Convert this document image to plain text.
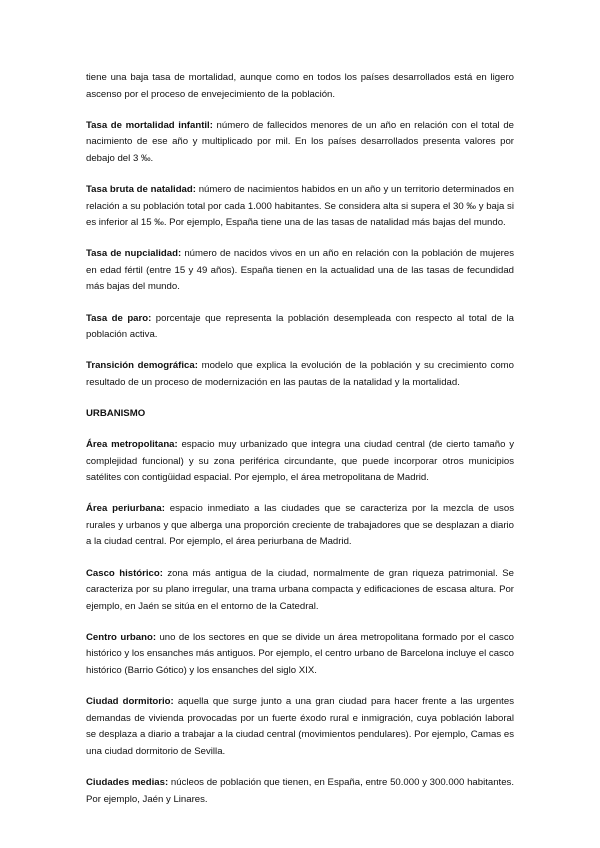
tiene una baja tasa de mortalidad, aunque como en todos los países desarrollados está en ligero ascenso por el proceso de envejecimiento de la población.

Tasa de mortalidad infantil: número de fallecidos menores de un año en relación con el total de nacimiento de ese año y multiplicado por mil. En los países desarrollados presenta valores por debajo del 3 ‰.

Tasa bruta de natalidad: número de nacimientos habidos en un año y un territorio determinados en relación a su población total por cada 1.000 habitantes. Se considera alta si supera el 30 ‰ y baja si es inferior al 15 ‰. Por ejemplo, España tiene una de las tasas de natalidad más bajas del mundo.

Tasa de nupcialidad: número de nacidos vivos en un año en relación con la población de mujeres en edad fértil (entre 15 y 49 años). España tienen en la actualidad una de las tasas de fecundidad más bajas del mundo.

Tasa de paro: porcentaje que representa la población desempleada con respecto al total de la población activa.

Transición demográfica: modelo que explica la evolución de la población y su crecimiento como resultado de un proceso de modernización en las pautas de la natalidad y la mortalidad.

URBANISMO

Área metropolitana: espacio muy urbanizado que integra una ciudad central (de cierto tamaño y complejidad funcional) y su zona periférica circundante, que puede incorporar otros municipios satélites con contigüidad espacial. Por ejemplo, el área metropolitana de Madrid.

Área periurbana: espacio inmediato a las ciudades que se caracteriza por la mezcla de usos rurales y urbanos y que alberga una proporción creciente de trabajadores que se desplazan a diario a la ciudad central. Por ejemplo, el área periurbana de Madrid.

Casco histórico: zona más antigua de la ciudad, normalmente de gran riqueza patrimonial. Se caracteriza por su plano irregular, una trama urbana compacta y edificaciones de escasa altura. Por ejemplo, en Jaén se sitúa en el entorno de la Catedral.

Centro urbano: uno de los sectores en que se divide un área metropolitana formado por el casco histórico y los ensanches más antiguos. Por ejemplo, el centro urbano de Barcelona incluye el casco histórico (Barrio Gótico) y los ensanches del siglo XIX.

Ciudad dormitorio: aquella que surge junto a una gran ciudad para hacer frente a las urgentes demandas de vivienda provocadas por un fuerte éxodo rural e inmigración, cuya población laboral se desplaza a diario a trabajar a la ciudad central (movimientos pendulares). Por ejemplo, Camas es una ciudad dormitorio de Sevilla.

Ciudades medias: núcleos de población que tienen, en España, entre 50.000 y 300.000 habitantes. Por ejemplo, Jaén y Linares.
